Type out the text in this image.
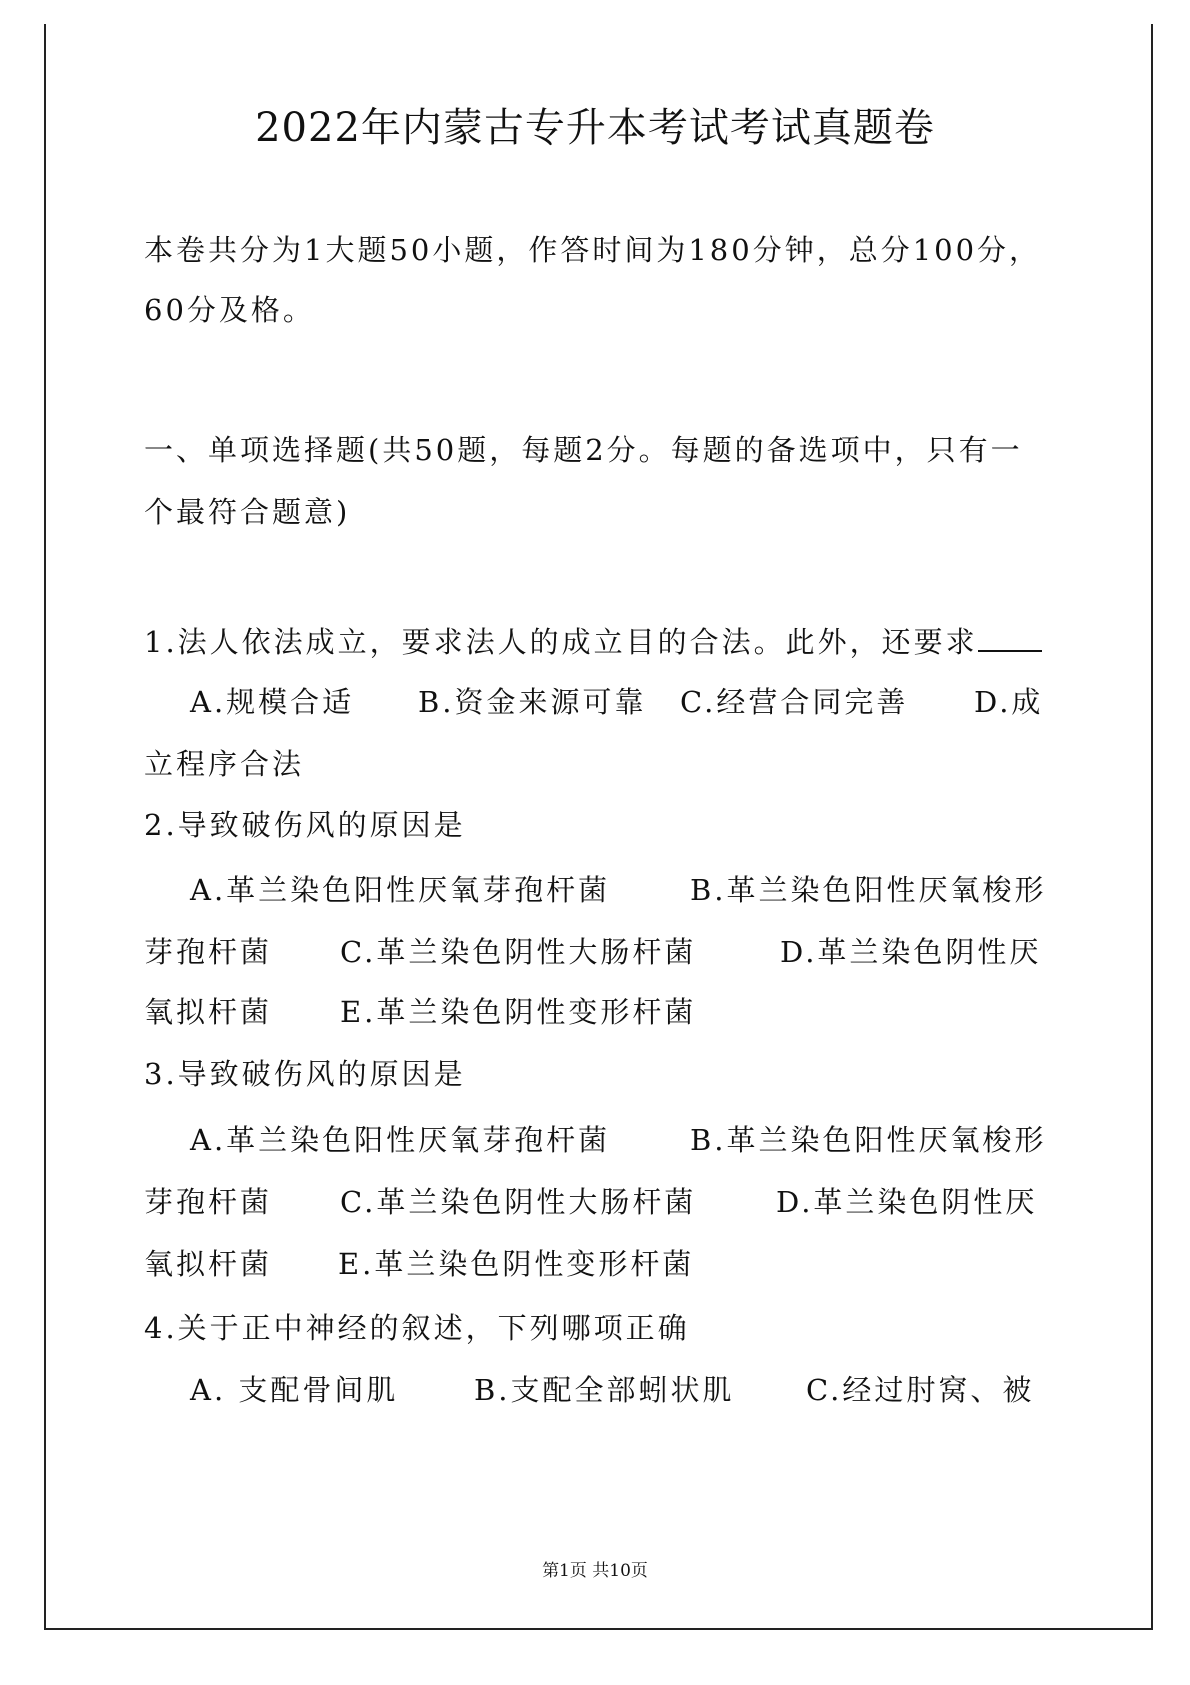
2022年内蒙古专升本考试考试真题卷
本卷共分为1大题50小题，作答时间为180分钟，总分100分，
60分及格。
一、单项选择题(共50题，每题2分。每题的备选项中，只有一
个最符合题意)
1.法人依法成立，要求法人的成立目的合法。此外，还要求
A.规模合适 B.资金来源可靠 C.经营合同完善 D.成
立程序合法
2.导致破伤风的原因是
A.革兰染色阳性厌氧芽孢杆菌	B.革兰染色阳性厌氧梭形
芽孢杆菌 C.革兰染色阴性大肠杆菌	D.革兰染色阴性厌
氧拟杆菌 E.革兰染色阴性变形杆菌
3.导致破伤风的原因是
A.革兰染色阳性厌氧芽孢杆菌	B.革兰染色阳性厌氧梭形
芽孢杆菌 C.革兰染色阴性大肠杆菌	D.革兰染色阴性厌
氧拟杆菌 E.革兰染色阴性变形杆菌
4.关于正中神经的叙述，下列哪项正确
A. 支配骨间肌	B.支配全部蚓状肌 C.经过肘窝、被
第1页 共10页
